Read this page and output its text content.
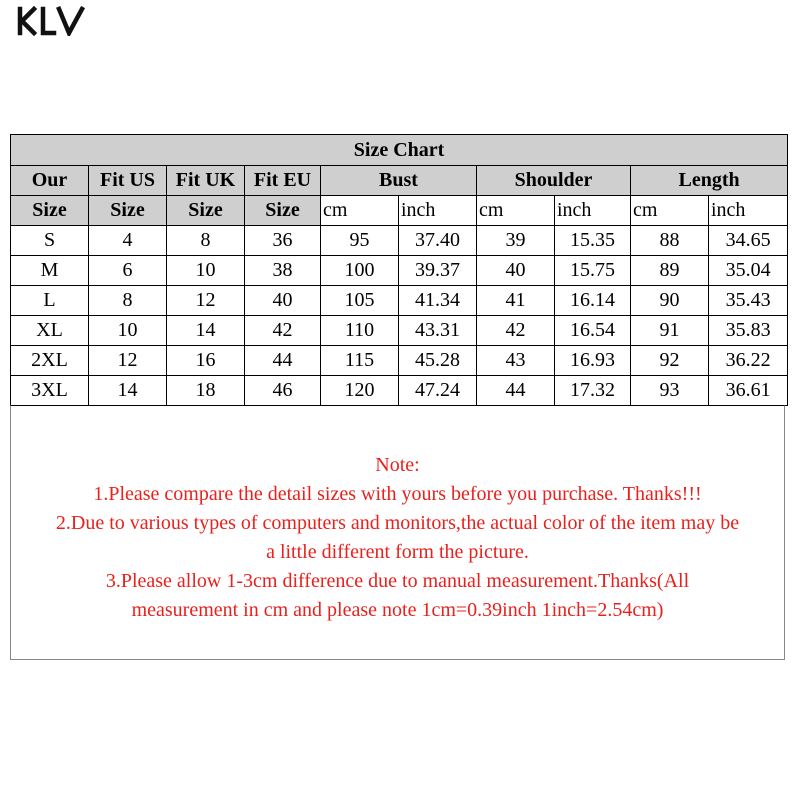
Size Chart									
Our	Fit US	Fit UK	Fit EU	Bust		Shoulder		Length	
Size	Size	Size	Size	cm	inch	cm	inch	cm	inch
S	4	8	36	95	37.40	39	15.35	88	34.65
M	6	10	38	100	39.37	40	15.75	89	35.04
L	8	12	40	105	41.34	41	16.14	90	35.43
XL	10	14	42	110	43.31	42	16.54	91	35.83
2XL	12	16	44	115	45.28	43	16.93	92	36.22
3XL	14	18	46	120	47.24	44	17.32	93	36.61
Note:
1.Please compare the detail sizes with yours before you purchase. Thanks!!!
2.Due to various types of computers and monitors,the actual color of the item may be
a little different form the picture.
3.Please allow 1-3cm difference due to manual measurement.Thanks(All
measurement in cm and please note 1cm=0.39inch 1inch=2.54cm)
